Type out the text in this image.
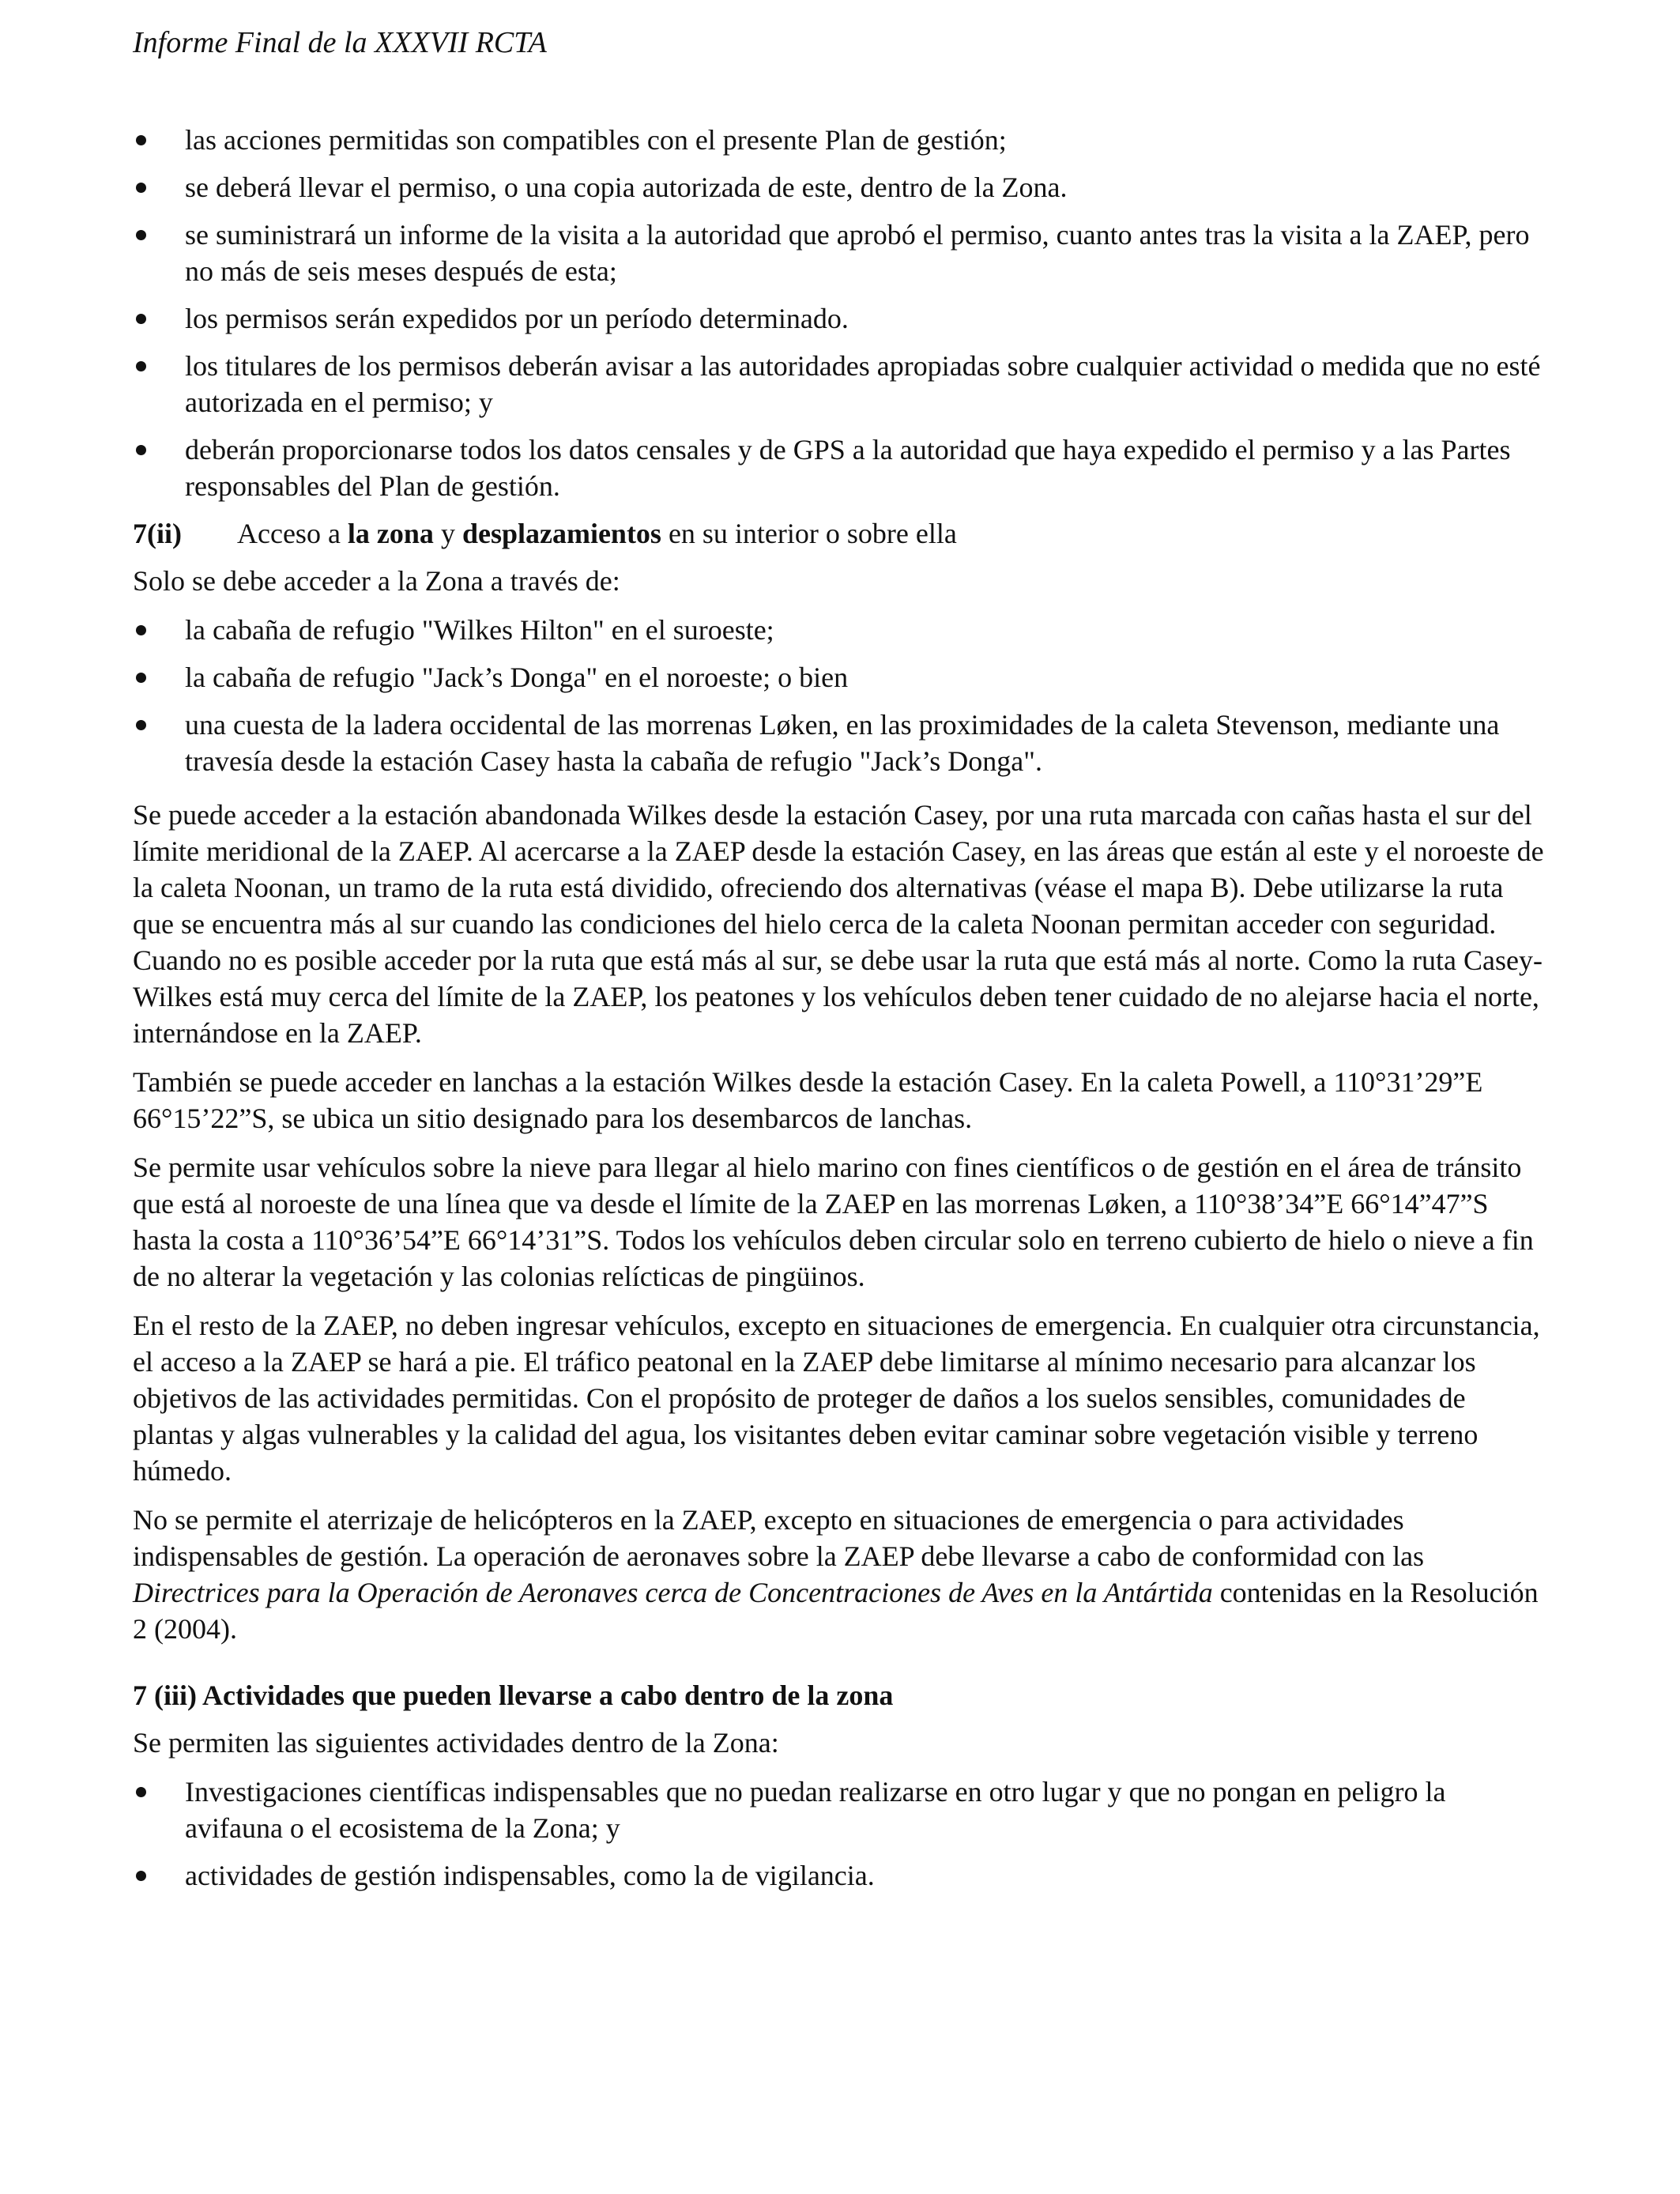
Informe Final de la XXXVII RCTA
las acciones permitidas son compatibles con el presente Plan de gestión;
se deberá llevar el permiso, o una copia autorizada de este, dentro de la Zona.
se suministrará un informe de la visita a la autoridad que aprobó el permiso, cuanto antes tras la visita a la ZAEP, pero no más de seis meses después de esta;
los permisos serán expedidos por un período determinado.
los titulares de los permisos deberán avisar a las autoridades apropiadas sobre cualquier actividad o medida que no esté autorizada en el permiso; y
deberán proporcionarse todos los datos censales y de GPS a la autoridad que haya expedido el permiso y a las Partes responsables del Plan de gestión.
7(ii) Acceso a la zona y desplazamientos en su interior o sobre ella

Solo se debe acceder a la Zona a través de:

la cabaña de refugio "Wilkes Hilton" en el suroeste;
la cabaña de refugio "Jack’s Donga" en el noroeste; o bien
una cuesta de la ladera occidental de las morrenas Løken, en las proximidades de la caleta Stevenson, mediante una travesía desde la estación Casey hasta la cabaña de refugio "Jack’s Donga".

Se puede acceder a la estación abandonada Wilkes desde la estación Casey, por una ruta marcada con cañas hasta el sur del límite meridional de la ZAEP. Al acercarse a la ZAEP desde la estación Casey, en las áreas que están al este y el noroeste de la caleta Noonan, un tramo de la ruta está dividido, ofreciendo dos alternativas (véase el mapa B). Debe utilizarse la ruta que se encuentra más al sur cuando las condiciones del hielo cerca de la caleta Noonan permitan acceder con seguridad. Cuando no es posible acceder por la ruta que está más al sur, se debe usar la ruta que está más al norte. Como la ruta Casey-Wilkes está muy cerca del límite de la ZAEP, los peatones y los vehículos deben tener cuidado de no alejarse hacia el norte, internándose en la ZAEP.

También se puede acceder en lanchas a la estación Wilkes desde la estación Casey. En la caleta Powell, a 110°31’29”E 66°15’22”S, se ubica un sitio designado para los desembarcos de lanchas.

Se permite usar vehículos sobre la nieve para llegar al hielo marino con fines científicos o de gestión en el área de tránsito que está al noroeste de una línea que va desde el límite de la ZAEP en las morrenas Løken, a 110°38’34”E 66°14”47”S hasta la costa a 110°36’54”E 66°14’31”S. Todos los vehículos deben circular solo en terreno cubierto de hielo o nieve a fin de no alterar la vegetación y las colonias relícticas de pingüinos.

En el resto de la ZAEP, no deben ingresar vehículos, excepto en situaciones de emergencia. En cualquier otra circunstancia, el acceso a la ZAEP se hará a pie. El tráfico peatonal en la ZAEP debe limitarse al mínimo necesario para alcanzar los objetivos de las actividades permitidas. Con el propósito de proteger de daños a los suelos sensibles, comunidades de plantas y algas vulnerables y la calidad del agua, los visitantes deben evitar caminar sobre vegetación visible y terreno húmedo.

No se permite el aterrizaje de helicópteros en la ZAEP, excepto en situaciones de emergencia o para actividades indispensables de gestión. La operación de aeronaves sobre la ZAEP debe llevarse a cabo de conformidad con las Directrices para la Operación de Aeronaves cerca de Concentraciones de Aves en la Antártida contenidas en la Resolución 2 (2004).

7 (iii) Actividades que pueden llevarse a cabo dentro de la zona

Se permiten las siguientes actividades dentro de la Zona:

Investigaciones científicas indispensables que no puedan realizarse en otro lugar y que no pongan en peligro la avifauna o el ecosistema de la Zona; y
actividades de gestión indispensables, como la de vigilancia.
